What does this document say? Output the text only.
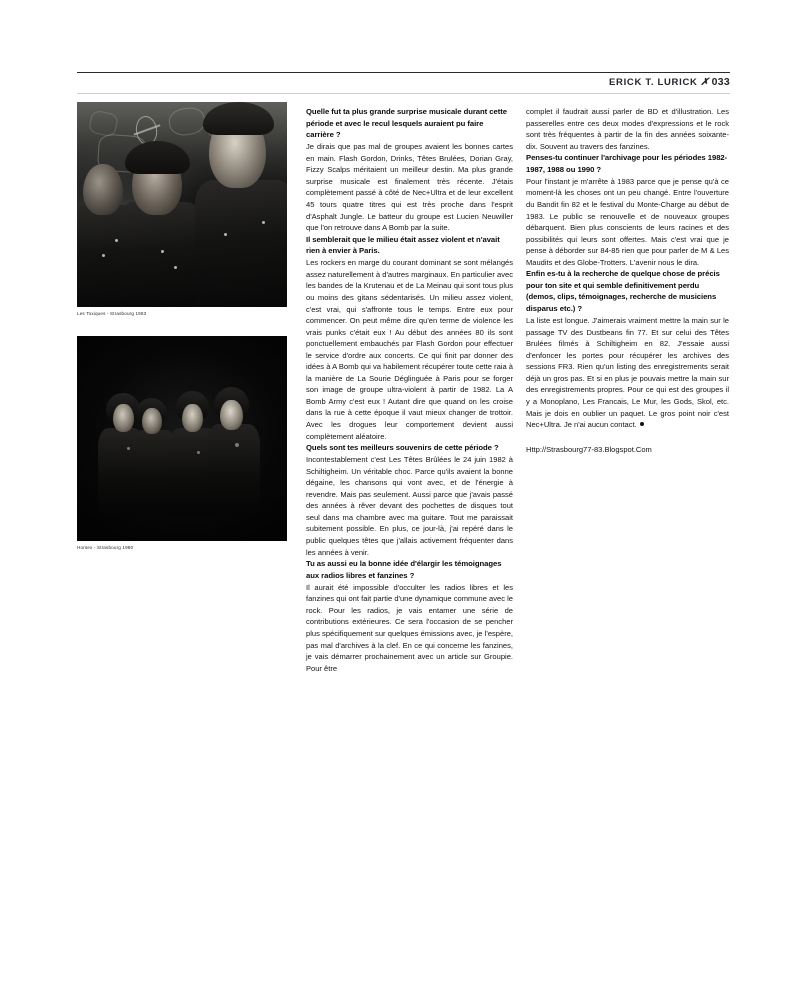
ERICK T. LURICK✗033
Les Toxiques - Strasbourg 1983
Horsex - Strasbourg 1980

Quelle fut ta plus grande surprise musicale durant cette période et avec le recul lesquels auraient pu faire carrière ?

Je dirais que pas mal de groupes avaient les bonnes cartes en main. Flash Gordon, Drinks, Têtes Brulées, Dorian Gray, Fizzy Scalps méritaient un meilleur destin. Ma plus grande surprise musicale est finalement très récente. J'étais complètement passé à côté de Nec+Ultra et de leur excellent 45 tours quatre titres qui est très proche dans l'esprit d'Asphalt Jungle. Le batteur du groupe est Lucien Neuwiller que l'on retrouve dans A Bomb par la suite.

Il semblerait que le milieu était assez violent et n'avait rien à envier à Paris.

Les rockers en marge du courant dominant se sont mélangés assez naturellement à d'autres marginaux. En particulier avec les bandes de la Krutenau et de La Meinau qui sont tous plus ou moins des gitans sédentarisés. Un milieu assez violent, c'est vrai, qui s'affronte tous le temps. Entre eux pour commencer. On peut même dire qu'en terme de violence les vrais punks c'était eux ! Au début des années 80 ils sont ponctuellement embauchés par Flash Gordon pour effectuer le service d'ordre aux concerts. Ce qui finit par donner des idées à A Bomb qui va habilement récupérer toute cette raia à la manière de La Sourie Déglinguée à Paris pour se forger son image de groupe ultra-violent à partir de 1982. La A Bomb Army c'est eux ! Autant dire que quand on les croise dans la rue à cette époque il vaut mieux changer de trottoir. Avec les drogues leur comportement devient aussi complètement aléatoire.

Quels sont tes meilleurs souvenirs de cette période ?

Incontestablement c'est Les Têtes Brûlées le 24 juin 1982 à Schiltigheim. Un véritable choc. Parce qu'ils avaient la bonne dégaine, les chansons qui vont avec, et de l'énergie à revendre. Mais pas seulement. Aussi parce que j'avais passé des années à rêver devant des pochettes de disques tout seul dans ma chambre avec ma guitare. Tout me paraissait subitement possible. En plus, ce jour-là, j'ai repéré dans le public quelques têtes que j'allais activement fréquenter dans les années à venir.

Tu as aussi eu la bonne idée d'élargir les témoignages aux radios libres et fanzines ?

Il aurait été impossible d'occulter les radios libres et les fanzines qui ont fait partie d'une dynamique commune avec le rock. Pour les radios, je vais entamer une série de contributions extérieures. Ce sera l'occasion de se pencher plus spécifiquement sur quelques émissions avec, je l'espère, pas mal d'archives à la clef. En ce qui concerne les fanzines, je vais démarrer prochainement avec un article sur Groupie. Pour être

complet il faudrait aussi parler de BD et d'illustration. Les passerelles entre ces deux modes d'expressions et le rock sont très fréquentes à partir de la fin des années soixante-dix. Souvent au travers des fanzines.

Penses-tu continuer l'archivage pour les périodes 1982-1987, 1988 ou 1990 ?

Pour l'instant je m'arrête à 1983 parce que je pense qu'à ce moment-là les choses ont un peu changé. Entre l'ouverture du Bandit fin 82 et le festival du Monte-Charge au début de 1983. Le public se renouvelle et de nouveaux groupes débarquent. Bien plus conscients de leurs racines et des possibilités qui leurs sont offertes. Mais c'est vrai que je pense à déborder sur 84-85 rien que pour parler de M & Les Maudits et des Globe-Trotters. L'avenir nous le dira.

Enfin es-tu à la recherche de quelque chose de précis pour ton site et qui semble definitivement perdu (demos, clips, témoignages, recherche de musiciens disparus etc.) ?

La liste est longue. J'aimerais vraiment mettre la main sur le passage TV des Dustbeans fin 77. Et sur celui des Têtes Brulées filmés à Schiltigheim en 82. J'essaie aussi d'enfoncer les portes pour récupérer les archives des sessions FR3. Rien qu'un listing des enregistrements serait déjà un gros pas. Et si en plus je pouvais mettre la main sur des enregistrements propres. Pour ce qui est des groupes il y a Monoplano, Les Francais, Le Mur, les Gods, Skol, etc. Mais je dois en oublier un paquet. Le gros point noir c'est Nec+Ultra. Je n'ai aucun contact.

Http://Strasbourg77-83.Blogspot.Com
